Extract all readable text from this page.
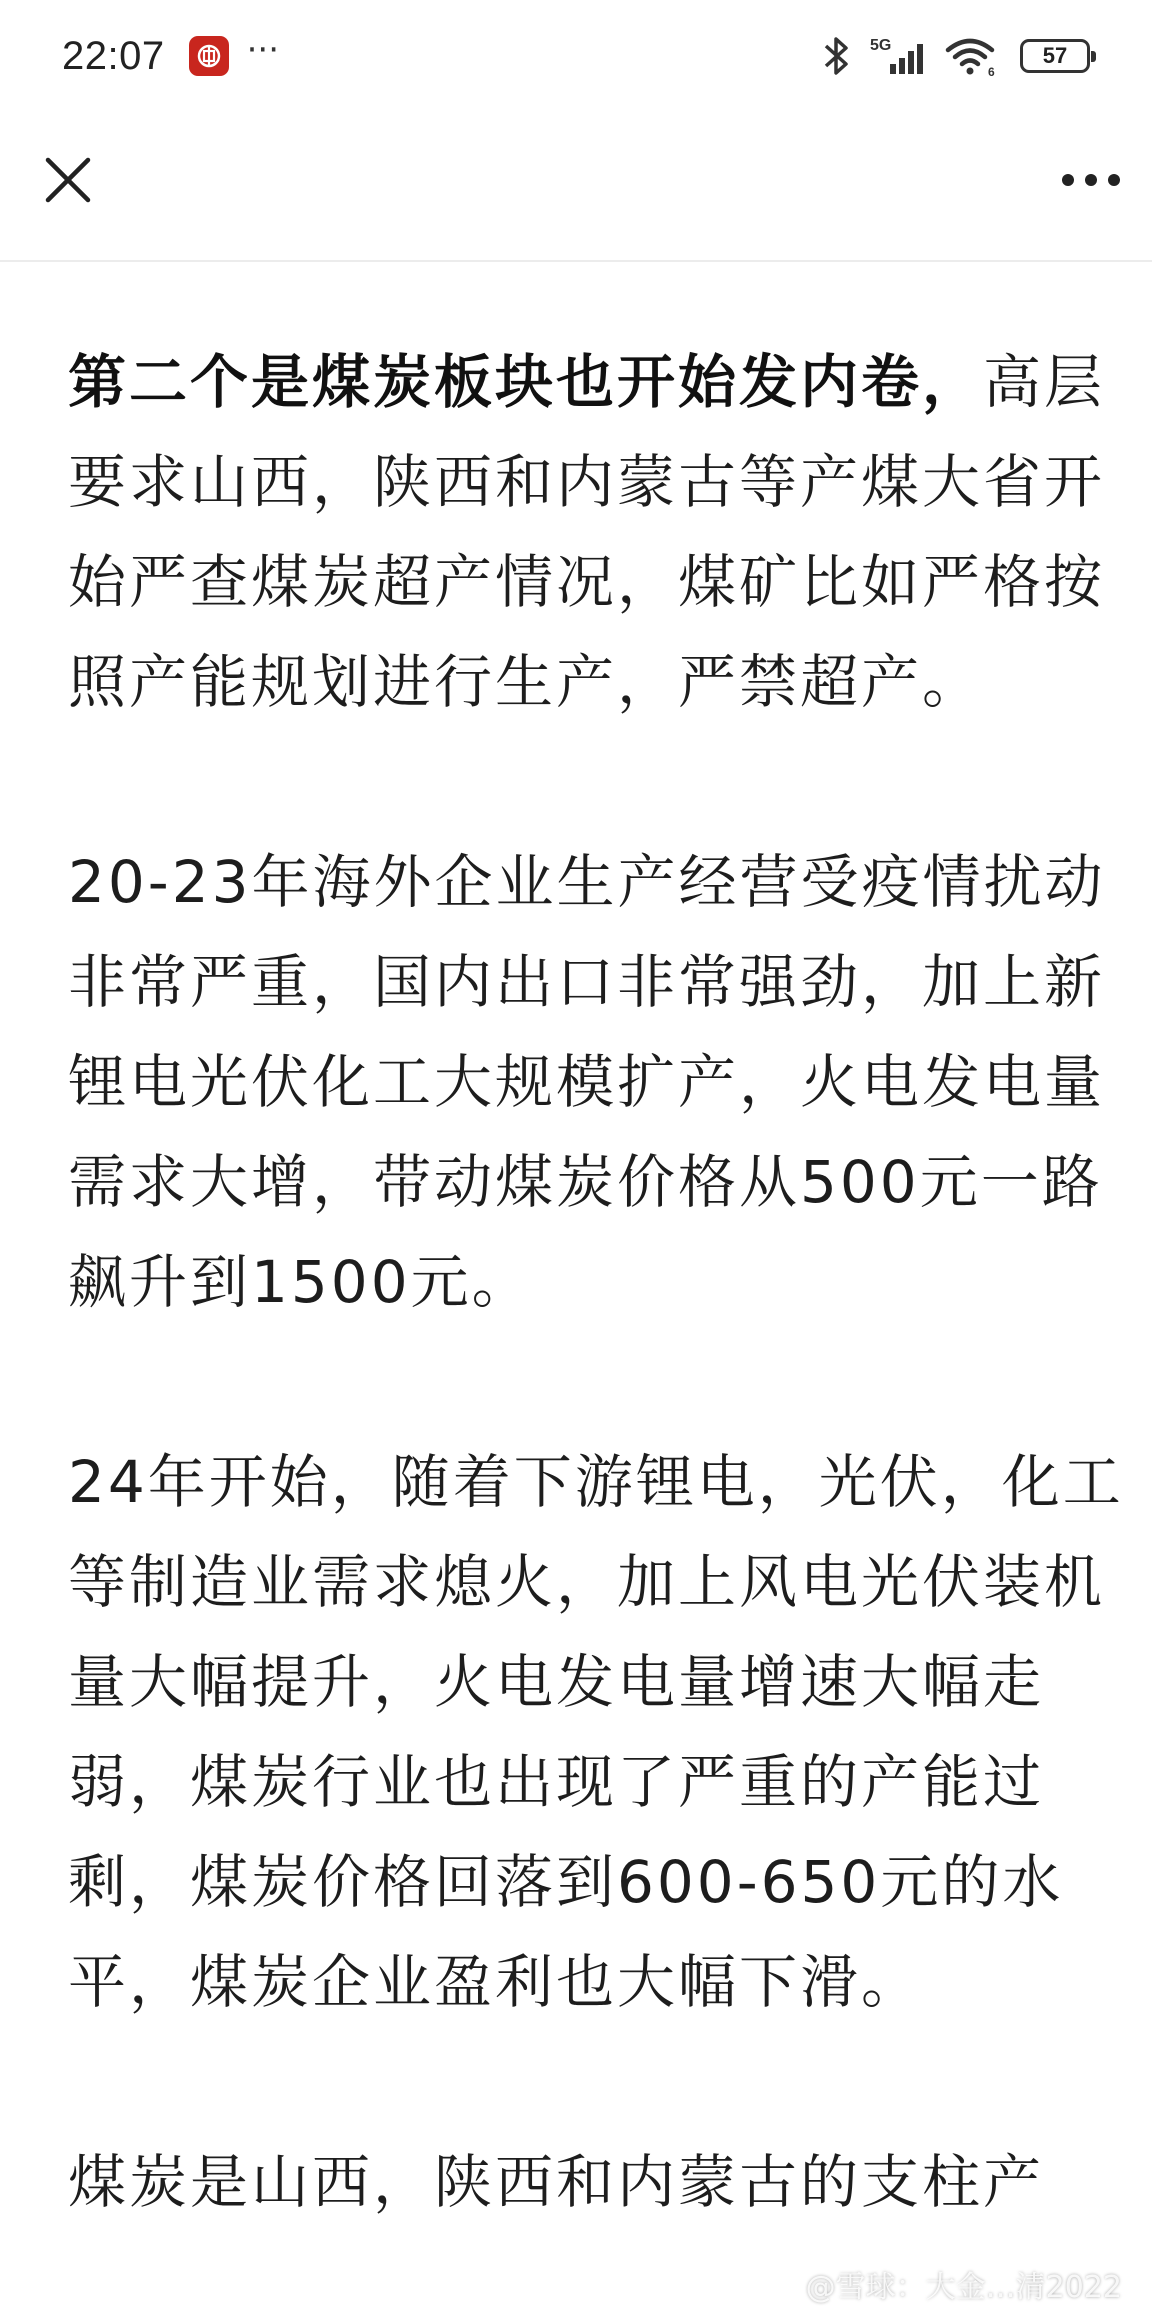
22:07 ···	5G
6
57

第二个是煤炭板块也开始发内卷，高层要求山西，陕西和内蒙古等产煤大省开始严查煤炭超产情况，煤矿比如严格按照产能规划进行生产，严禁超产。

20-23年海外企业生产经营受疫情扰动非常严重，国内出口非常强劲，加上新锂电光伏化工大规模扩产，火电发电量需求大增，带动煤炭价格从500元一路飙升到1500元。

24年开始，随着下游锂电，光伏，化工等制造业需求熄火，加上风电光伏装机量大幅提升，火电发电量增速大幅走弱，煤炭行业也出现了严重的产能过剩，煤炭价格回落到600-650元的水平，煤炭企业盈利也大幅下滑。

煤炭是山西，陕西和内蒙古的支柱产

@雪球：大金…清2022
